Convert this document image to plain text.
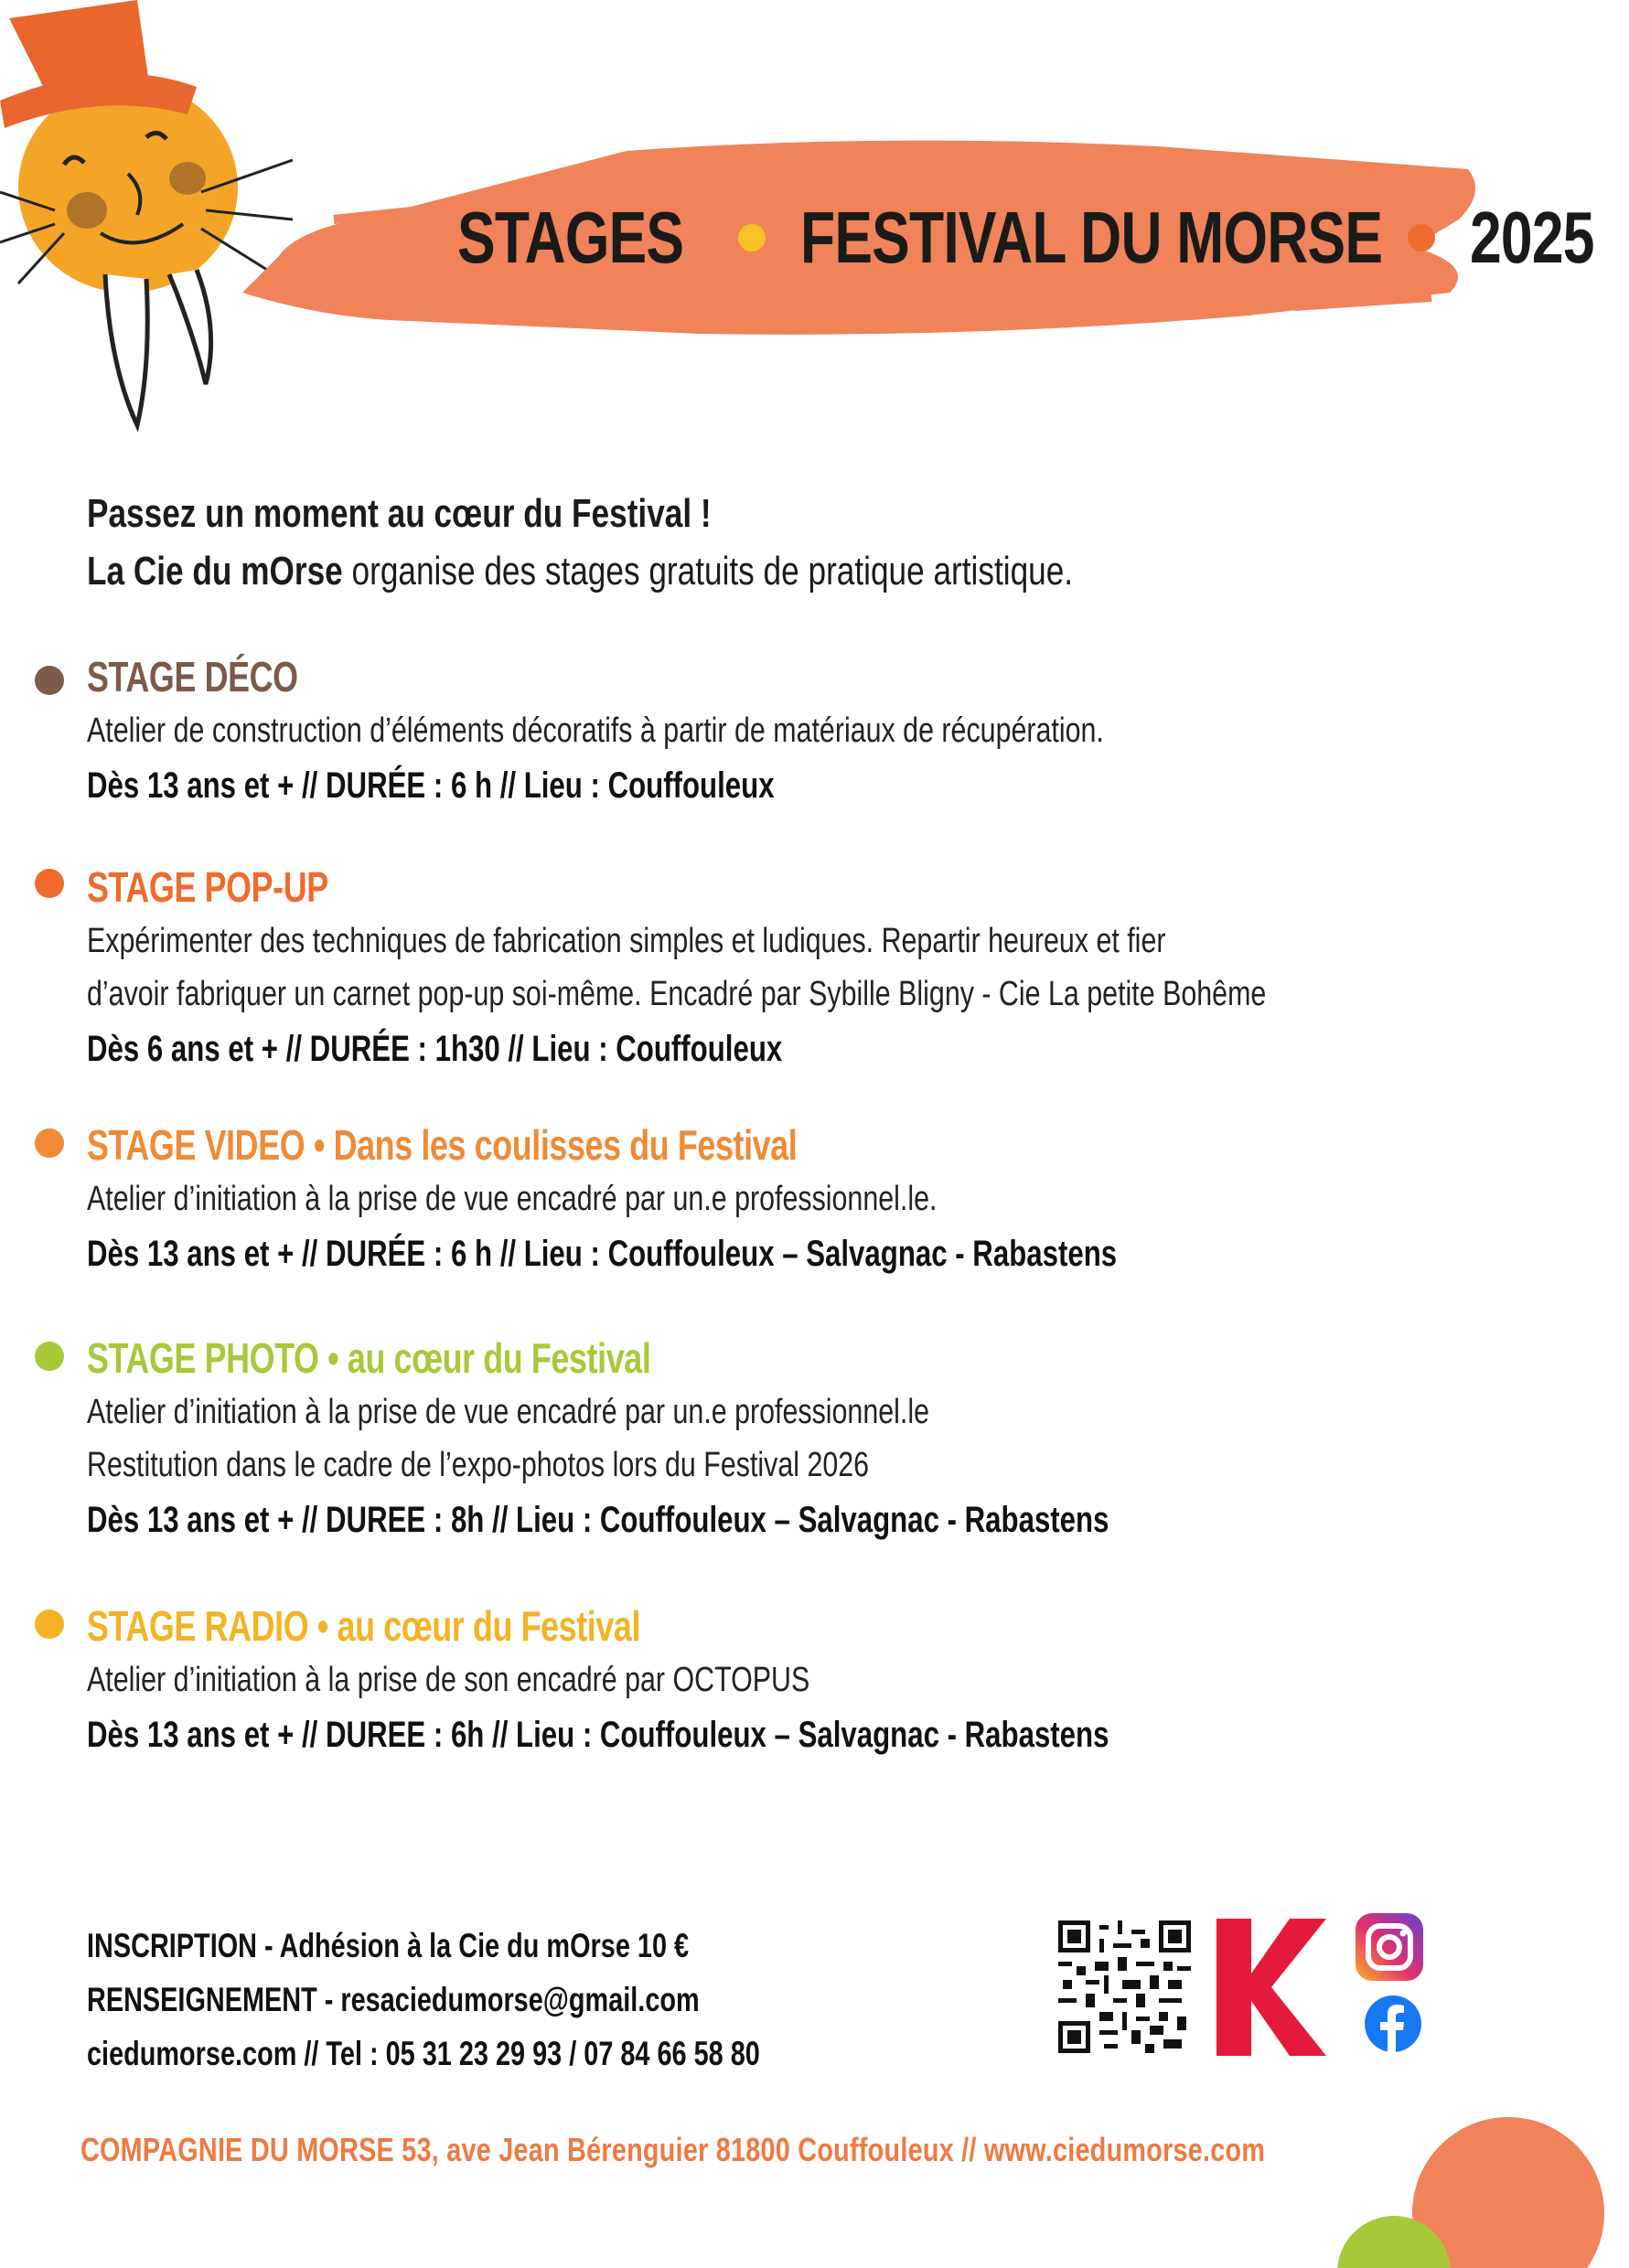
STAGES FESTIVAL DU MORSE 2025
Passez un moment au cœur du Festival !
La Cie du mOrse organise des stages gratuits de pratique artistique.
STAGE DÉCO

Atelier de construction d’éléments décoratifs à partir de matériaux de récupération.

Dès 13 ans et + // DURÉE : 6 h // Lieu : Couffouleux

STAGE POP-UP

Expérimenter des techniques de fabrication simples et ludiques. Repartir heureux et fier

d’avoir fabriquer un carnet pop-up soi-même. Encadré par Sybille Bligny - Cie La petite Bohême

Dès 6 ans et + // DURÉE : 1h30 // Lieu : Couffouleux

STAGE VIDEO • Dans les coulisses du Festival

Atelier d’initiation à la prise de vue encadré par un.e professionnel.le.

Dès 13 ans et + // DURÉE : 6 h // Lieu : Couffouleux – Salvagnac - Rabastens

STAGE PHOTO • au cœur du Festival

Atelier d’initiation à la prise de vue encadré par un.e professionnel.le

Restitution dans le cadre de l’expo-photos lors du Festival 2026

Dès 13 ans et + // DUREE : 8h // Lieu : Couffouleux – Salvagnac - Rabastens

STAGE RADIO • au cœur du Festival

Atelier d’initiation à la prise de son encadré par OCTOPUS

Dès 13 ans et + // DUREE : 6h // Lieu : Couffouleux – Salvagnac - Rabastens

INSCRIPTION - Adhésion à la Cie du mOrse 10 €
RENSEIGNEMENT - resaciedumorse@gmail.com
ciedumorse.com // Tel : 05 31 23 29 93 / 07 84 66 58 80
COMPAGNIE DU MORSE 53, ave Jean Bérenguier 81800 Couffouleux // www.ciedumorse.com
